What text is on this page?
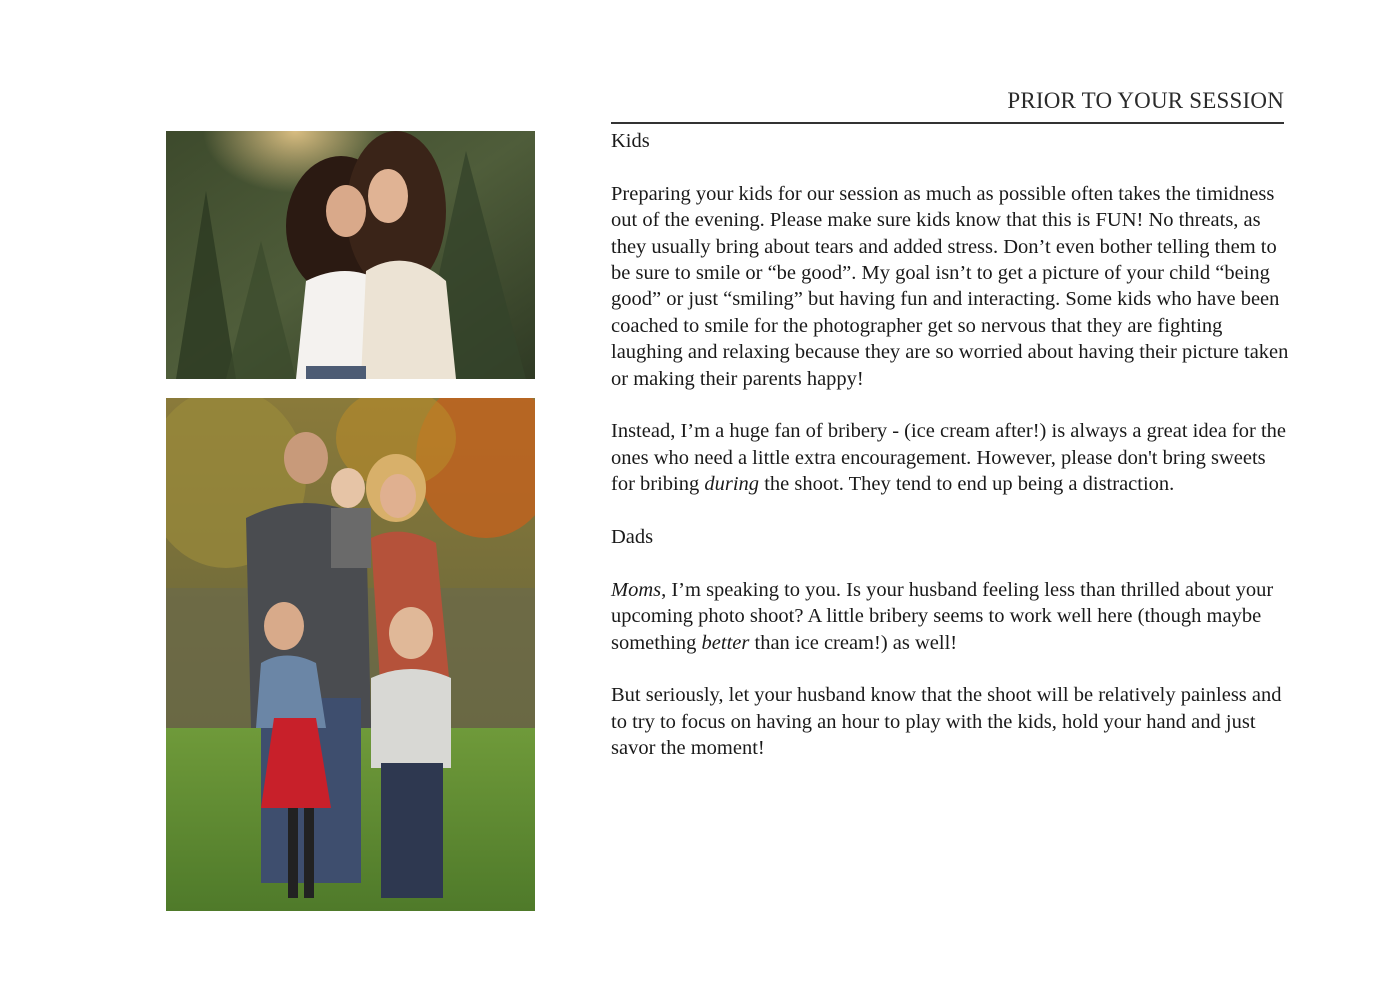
PRIOR TO YOUR SESSION

Kids

Preparing your kids for our session as much as possible often takes the timidness out of the evening. Please make sure kids know that this is FUN! No threats, as they usually bring about tears and added stress. Don’t even bother telling them to be sure to smile or “be good”. My goal isn’t to get a picture of your child “being good” or just “smiling” but having fun and interacting. Some kids who have been coached to smile for the photographer get so nervous that they are fighting laughing and relaxing because they are so worried about having their picture taken or making their parents happy!

Instead, I’m a huge fan of bribery - (ice cream after!) is always a great idea for the ones who need a little extra encouragement. However, please don't bring sweets for bribing during the shoot. They tend to end up being a distraction.

Dads

Moms, I’m speaking to you. Is your husband feeling less than thrilled about your upcoming photo shoot? A little bribery seems to work well here (though maybe something better than ice cream!) as well!

But seriously, let your husband know that the shoot will be relatively painless and to try to focus on having an hour to play with the kids, hold your hand and just savor the moment!
